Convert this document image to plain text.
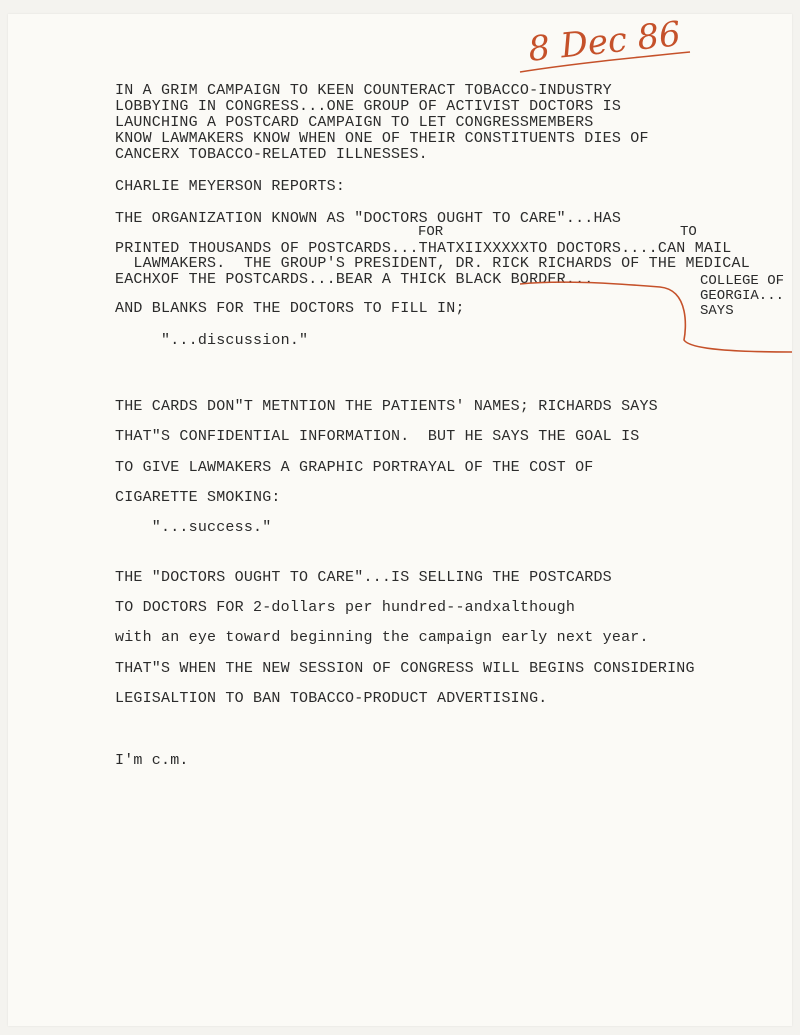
8 Dec 86
IN A GRIM CAMPAIGN TO KEEN COUNTERACT TOBACCO-INDUSTRY
LOBBYING IN CONGRESS...ONE GROUP OF ACTIVIST DOCTORS IS
LAUNCHING A POSTCARD CAMPAIGN TO LET CONGRESSMEMBERS
KNOW LAWMAKERS KNOW WHEN ONE OF THEIR CONSTITUENTS DIES OF
CANCERX TOBACCO-RELATED ILLNESSES.
CHARLIE MEYERSON REPORTS:
THE ORGANIZATION KNOWN AS "DOCTORS OUGHT TO CARE"...HAS
FOR	TO
PRINTED THOUSANDS OF POSTCARDS...THATXIIXXXXXTO DOCTORS....CAN MAIL
LAWMAKERS.  THE GROUP'S PRESIDENT, DR. RICK RICHARDS OF THE MEDICAL
EACHXOF THE POSTCARDS...BEAR A THICK BLACK BORDER...	COLLEGE OF
GEORGIA...
SAYS
AND BLANKS FOR THE DOCTORS TO FILL IN;
"...discussion."
THE CARDS DON"T METNTION THE PATIENTS' NAMES; RICHARDS SAYS
THAT"S CONFIDENTIAL INFORMATION.  BUT HE SAYS THE GOAL IS
TO GIVE LAWMAKERS A GRAPHIC PORTRAYAL OF THE COST OF
CIGARETTE SMOKING:
"...success."
THE "DOCTORS OUGHT TO CARE"...IS SELLING THE POSTCARDS
TO DOCTORS FOR 2-dollars per hundred--andxalthough
with an eye toward beginning the campaign early next year.
THAT"S WHEN THE NEW SESSION OF CONGRESS WILL BEGINS CONSIDERING
LEGISALTION TO BAN TOBACCO-PRODUCT ADVERTISING.
I'm c.m.
